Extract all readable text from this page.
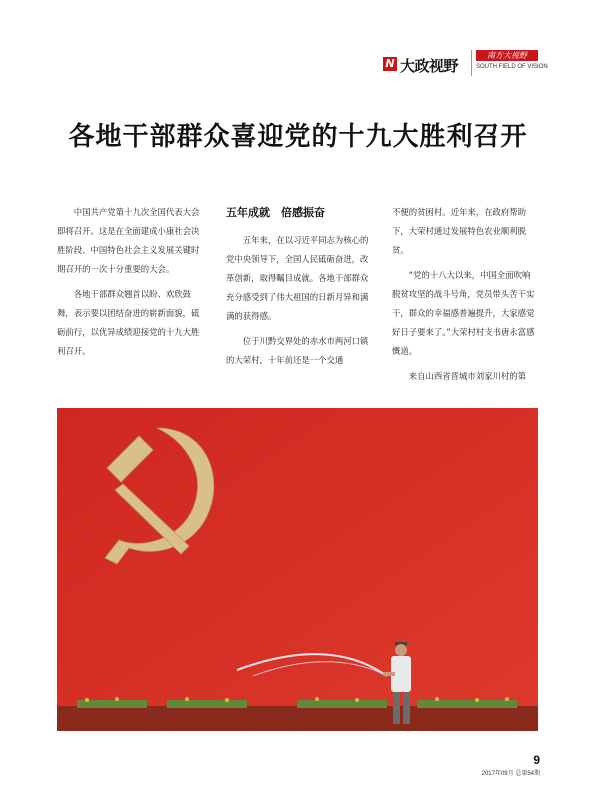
N 大政视野
南方大视野
SOUTH FIELD OF VISION
各地干部群众喜迎党的十九大胜利召开

中国共产党第十九次全国代表大会即将召开。这是在全面建成小康社会决胜阶段、中国特色社会主义发展关键时期召开的一次十分重要的大会。

各地干部群众翘首以盼、欢欣鼓舞，表示要以团结奋进的崭新面貌，砥砺前行，以优异成绩迎接党的十九大胜利召开。

五年成就　倍感振奋

五年来，在以习近平同志为核心的党中央领导下，全国人民砥砺奋进，改革创新，取得瞩目成就。各地干部群众充分感受到了伟大祖国的日新月异和满满的获得感。

位于川黔交界处的赤水市两河口镇的大荣村，十年前还是一个交通

不便的贫困村。近年来，在政府帮助下，大荣村通过发展特色农业顺利脱贫。

“党的十八大以来，中国全面吹响脱贫攻坚的战斗号角，党员带头苦干实干，群众的幸福感普遍提升，大家感觉好日子要来了。”大荣村村支书唐永富感慨道。

来自山西省晋城市刘家川村的第

9
2017年09月 总第54期
